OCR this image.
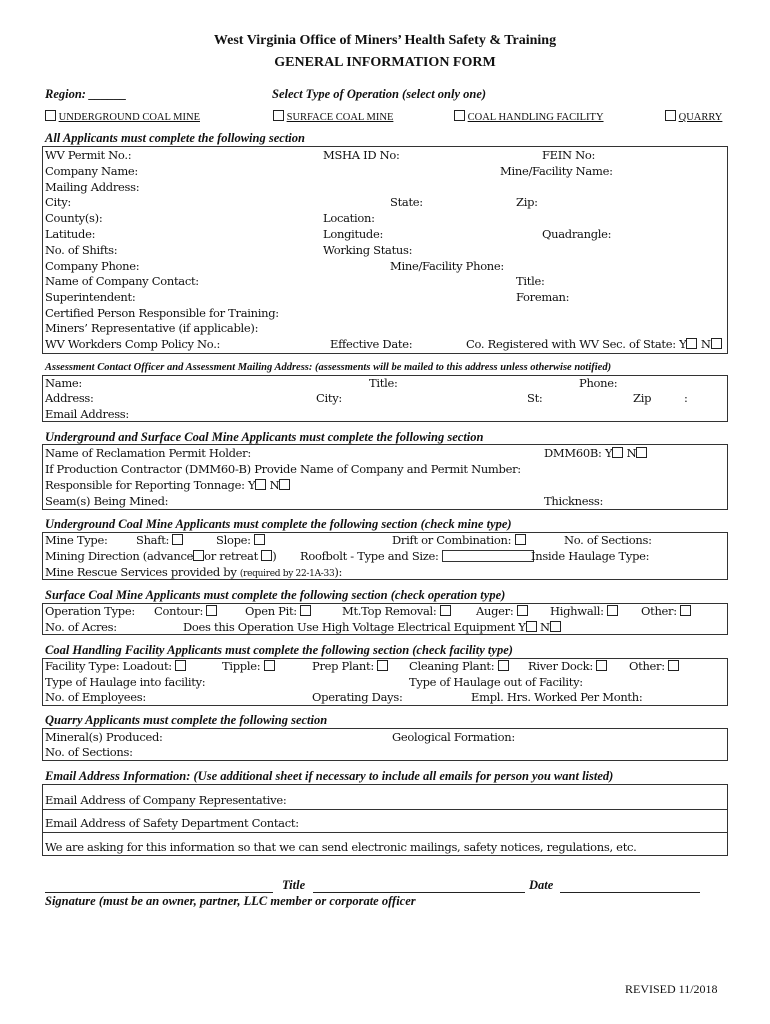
West Virginia Office of Miners’ Health Safety & Training
GENERAL INFORMATION FORM
Region: ______	Select Type of Operation (select only one)
UNDERGROUND COAL MINE	SURFACE COAL MINE	COAL HANDLING FACILITY	QUARRY
All Applicants must complete the following section
WV Permit No.:	MSHA ID No:	FEIN No:
Company Name:	Mine/Facility Name:
Mailing Address:
City:	State:	Zip:
County(s):	Location:
Latitude:	Longitude:	Quadrangle:
No. of Shifts:	Working Status:
Company Phone:	Mine/Facility Phone:
Name of Company Contact:	Title:
Superintendent:	Foreman:
Certified Person Responsible for Training:
Miners’ Representative (if applicable):
WV Workders Comp Policy No.:	Effective Date:	Co. Registered with WV Sec. of State: Y N
Assessment Contact Officer and Assessment Mailing Address: (assessments will be mailed to this address unless otherwise notified)
Name:	Title:	Phone:
Address:	City:	St:	Zip	:
Email Address:
Underground and Surface Coal Mine Applicants must complete the following section
Name of Reclamation Permit Holder:	DMM60B: Y N
If Production Contractor (DMM60-B) Provide Name of Company and Permit Number:
Responsible for Reporting Tonnage: Y N
Seam(s) Being Mined:	Thickness:
Underground Coal Mine Applicants must complete the following section (check mine type)
Mine Type: Shaft:	Slope:	Drift or Combination:	No. of Sections:
Mining Direction (advance or retreat ) Roofbolt - Type and Size:	Inside Haulage Type:
Mine Rescue Services provided by (required by 22-1A-33):
Surface Coal Mine Applicants must complete the following section (check operation type)
Operation Type: Contour:	Open Pit:	Mt.Top Removal:	Auger:	Highwall:	Other:
No. of Acres:	Does this Operation Use High Voltage Electrical Equipment Y N
Coal Handling Facility Applicants must complete the following section (check facility type)
Facility Type: Loadout:	Tipple:	Prep Plant:	Cleaning Plant:	River Dock:	Other:
Type of Haulage into facility:	Type of Haulage out of Facility:
No. of Employees:	Operating Days:	Empl. Hrs. Worked Per Month:
Quarry Applicants must complete the following section
Mineral(s) Produced:	Geological Formation:
No. of Sections:
Email Address Information: (Use additional sheet if necessary to include all emails for person you want listed)
Email Address of Company Representative:
Email Address of Safety Department Contact:
We are asking for this information so that we can send electronic mailings, safety notices, regulations, etc.
Title	Date
Signature (must be an owner, partner, LLC member or corporate officer
REVISED 11/2018
